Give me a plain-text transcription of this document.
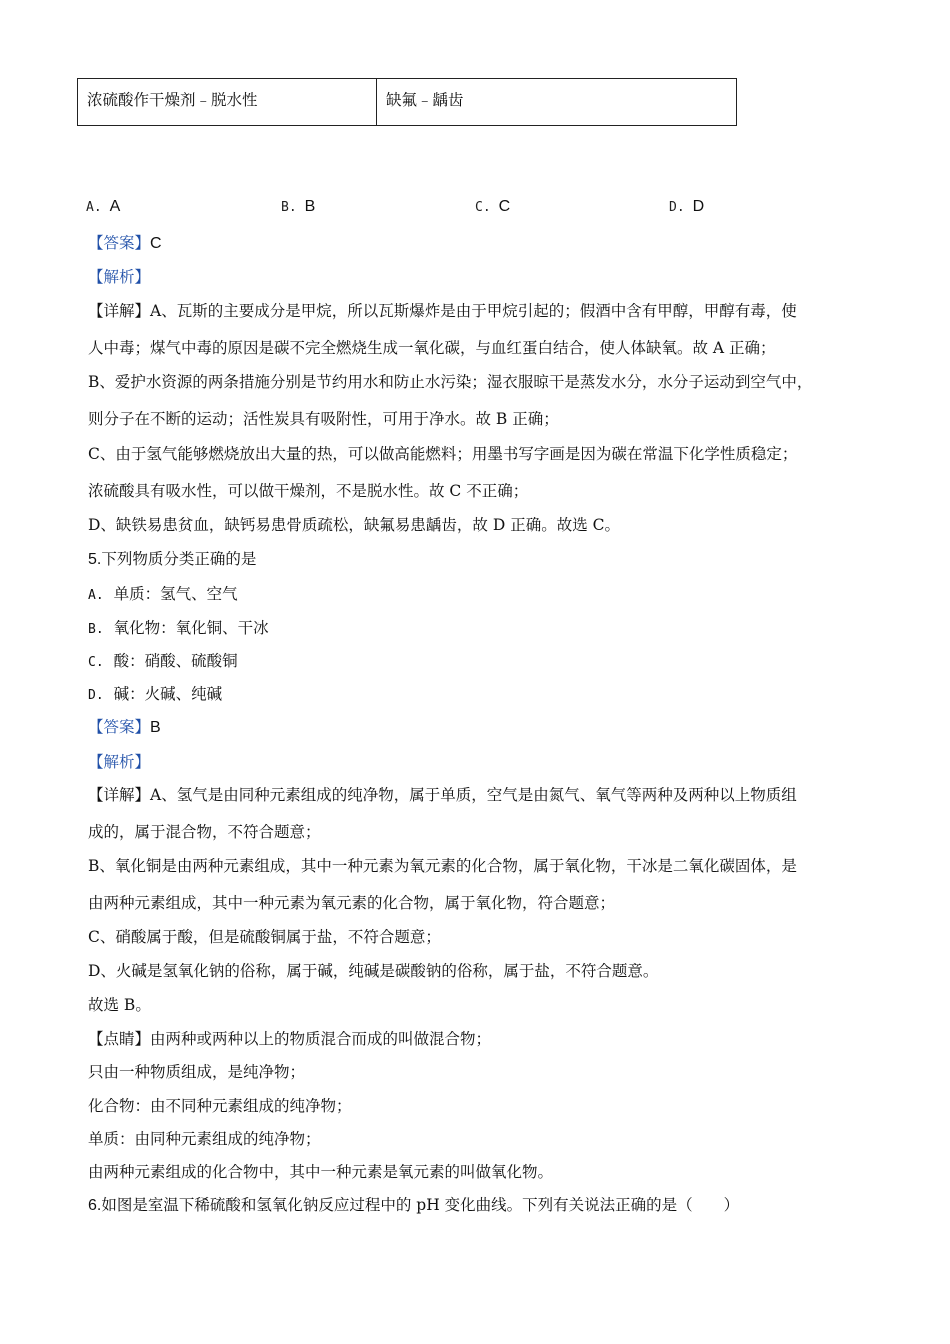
浓硫酸作干燥剂﹣脱水性	缺氟﹣龋齿
A. A	B. B	C. C	D. D
【答案】C
【解析】
【详解】A、瓦斯的主要成分是甲烷，所以瓦斯爆炸是由于甲烷引起的；假酒中含有甲醇，甲醇有毒，使
人中毒；煤气中毒的原因是碳不完全燃烧生成一氧化碳，与血红蛋白结合，使人体缺氧。故 A 正确；
B、爱护水资源的两条措施分别是节约用水和防止水污染；湿衣服晾干是蒸发水分，水分子运动到空气中，
则分子在不断的运动；活性炭具有吸附性，可用于净水。故 B 正确；
C、由于氢气能够燃烧放出大量的热，可以做高能燃料；用墨书写字画是因为碳在常温下化学性质稳定；
浓硫酸具有吸水性，可以做干燥剂，不是脱水性。故 C 不正确；
D、缺铁易患贫血，缺钙易患骨质疏松，缺氟易患龋齿，故 D 正确。故选 C。
5.下列物质分类正确的是
A. 单质：氢气、空气
B. 氧化物：氧化铜、干冰
C. 酸：硝酸、硫酸铜
D. 碱：火碱、纯碱
【答案】B
【解析】
【详解】A、氢气是由同种元素组成的纯净物，属于单质，空气是由氮气、氧气等两种及两种以上物质组
成的，属于混合物，不符合题意；
B、氧化铜是由两种元素组成，其中一种元素为氧元素的化合物，属于氧化物，干冰是二氧化碳固体，是
由两种元素组成，其中一种元素为氧元素的化合物，属于氧化物，符合题意；
C、硝酸属于酸，但是硫酸铜属于盐，不符合题意；
D、火碱是氢氧化钠的俗称，属于碱，纯碱是碳酸钠的俗称，属于盐，不符合题意。
故选 B。
【点睛】由两种或两种以上的物质混合而成的叫做混合物；
只由一种物质组成，是纯净物；
化合物：由不同种元素组成的纯净物；
单质：由同种元素组成的纯净物；
由两种元素组成的化合物中，其中一种元素是氧元素的叫做氧化物。
6.如图是室温下稀硫酸和氢氧化钠反应过程中的 pH 变化曲线。下列有关说法正确的是（　　）
